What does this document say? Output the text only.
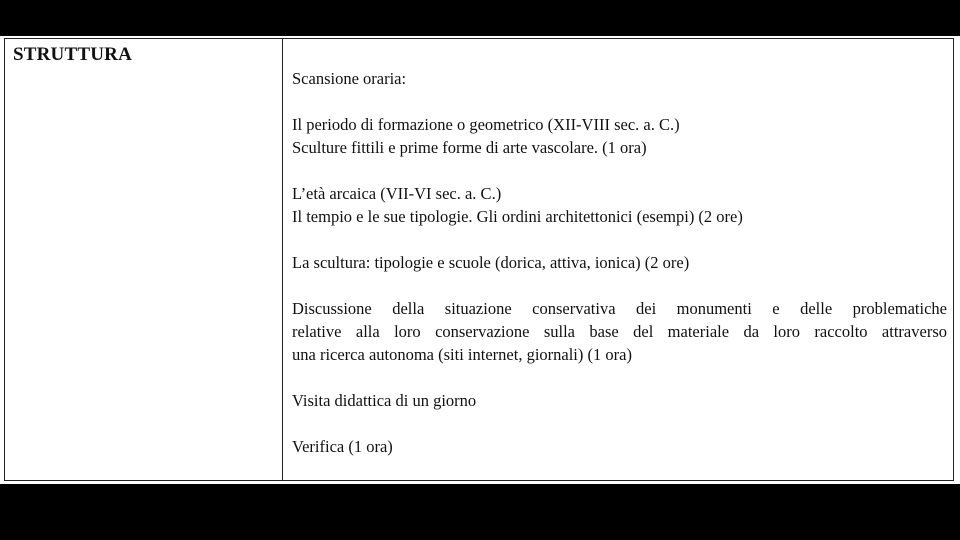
STRUTTURA

Scansione oraria:

Il periodo di formazione o geometrico (XII-VIII sec. a. C.)
Sculture fittili e prime forme di arte vascolare. (1 ora)

L’età arcaica (VII-VI sec. a. C.)
Il tempio e le sue tipologie. Gli ordini architettonici (esempi) (2 ore)

La scultura: tipologie e scuole (dorica, attiva, ionica) (2 ore)

Discussione della situazione conservativa dei monumenti e delle problematiche
relative alla loro conservazione sulla base del materiale da loro raccolto attraverso
una ricerca autonoma (siti internet, giornali) (1 ora)

Visita didattica di un giorno

Verifica (1 ora)
